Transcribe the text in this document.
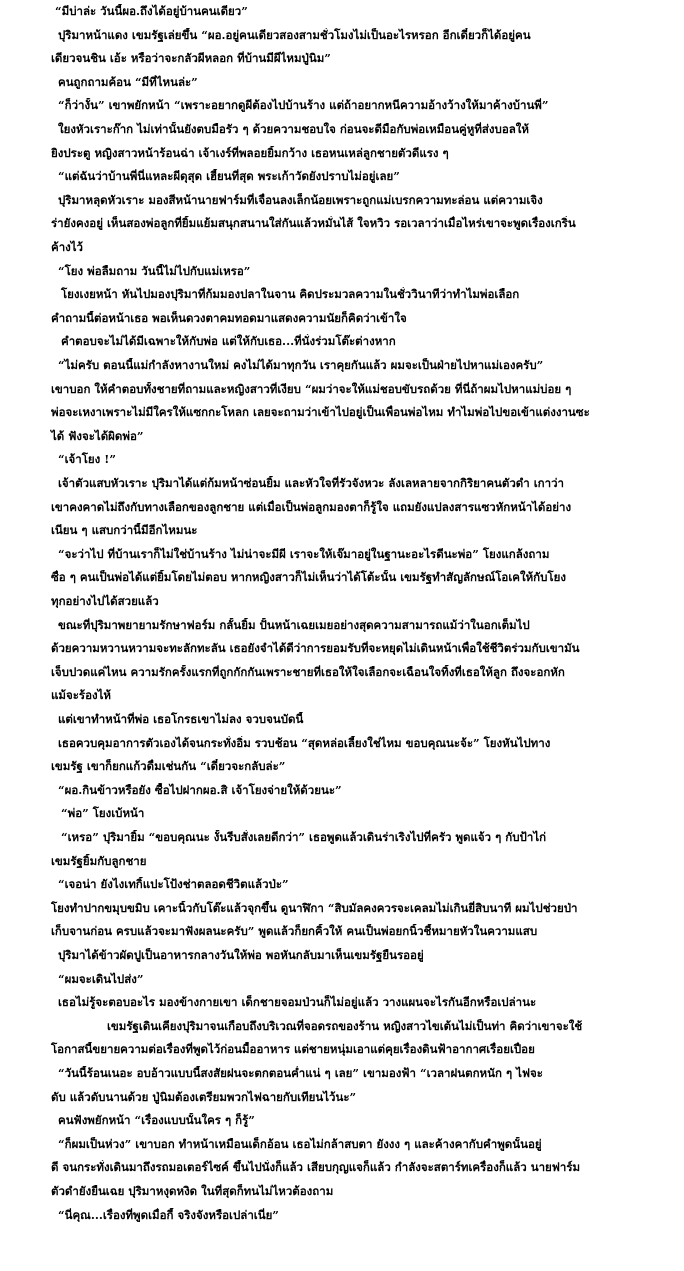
“มีบ่าล่ะ วันนี้ผอ.ถึงได้อยู่บ้านคนเดียว”
ปุริมาหน้าแดง เขมรัฐเล่ยขึ้น “ผอ.อยู่คนเดียวสองสามชั่วโมงไม่เป็นอะไรหรอก อีกเดี๋ยวก็ได้อยู่คน
เดียวจนชิน เอ้ะ หรือว่าจะกลัวผีหลอก ที่บ้านมีผีไหมปู่นิม”
คนถูกถามค้อน “มีที่ไหนล่ะ”
“ก็ว่างั้น” เขาพยักหน้า “เพราะอยากดูผีต้องไปบ้านร้าง แต่ถ้าอยากหนีความอ้างว้างให้มาค้างบ้านพี่”
ใยงหัวเราะก๊าก ไม่เท่านั้นยังตบมือรัว ๆ ด้วยความชอบใจ ก่อนจะดีมือกับพ่อเหมือนคู่หูที่ส่งบอลให้
ยิงประตู หญิงสาวหน้าร้อนฉ่า เจ้าเงร์ที่พลอยยิ้มกว้าง เธอหนเหล่ลูกชายตัวดีแรง ๆ
“แต่ฉันว่าบ้านพี่นี่แหละผีดุสุด เฮี้ยนที่สุด พระเก้าวัดยังปราบไม่อยู่เลย”
ปุริมาหลุดหัวเราะ มองสีหน้านายฟาร์มที่เจื่อนลงเล็กน้อยเพราะถูกแม่เบรกความทะล่อน แต่ความเจิง
ร่ายังคงอยู่ เห็นสองพ่อลูกที่ยิ้มแย้มสนุกสนานใส่กันแล้วหมั่นไส้ ใจหวิว รอเวลาว่าเมื่อไหร่เขาจะพูดเรื่องเกริ่น
ค้างไว้
“โยง พ่อลืมถาม วันนี้ไม่ไปกับแม่เหรอ”
โยงเงยหน้า หันไปมองปุริมาที่ก้มมองปลาในจาน คิดประมวลความในชั่ววินาทีว่าทำไมพ่อเลือก
คำถามนี้ต่อหน้าเธอ พอเห็นดวงตาคมทอดมาแสดงความนัยก็คิดว่าเข้าใจ
คำตอบจะไม่ได้มีเฉพาะให้กับพ่อ แต่ให้กับเธอ...ที่นั่งร่วมโต๊ะต่างหาก
“ไม่ครับ ตอนนี้แม่กำลังหางานใหม่ คงไม่ได้มาทุกวัน เราคุยกันแล้ว ผมจะเป็นฝ่ายไปหาแม่เองครับ”
เขาบอก ให้คำตอบทั้งชายที่ถามและหญิงสาวที่เงียบ “ผมว่าจะให้แม่ชอบขับรถด้วย ที่นี่ถ้าผมไปหาแม่บ่อย ๆ
พ่อจะเหงาเพราะไม่มีใครให้แซกกะโหลก เลยจะถามว่าเข้าไปอยู่เป็นเพื่อนพ่อไหม ทำไมพ่อไปขอเข้าแต่งงานซะ
ได้ ฟังจะได้ผิดพ่อ”
“เจ้าโยง !”
เจ้าตัวแสบหัวเราะ ปุริมาได้แต่ก้มหน้าซ่อนยิ้ม และหัวใจที่รัวจังหวะ ลังเลหลายจากกิริยาคนตัวดำ เกาว่า
เขาคงคาดไม่ถึงกับทางเลือกของลูกชาย แต่เมื่อเป็นพ่อลูกมองตาก็รู้ใจ แถมยังแปลงสารแซวหักหน้าได้อย่าง
เนียน ๆ แสบกว่านี้มีอีกไหมนะ
“จะว่าไป ที่บ้านเราก็ไม่ใช่บ้านร้าง ไม่น่าจะมีผี เราจะให้เจ๊มาอยู่ในฐานะอะไรดีนะพ่อ” โยงแกล้งถาม
ซื่อ ๆ คนเป็นพ่อได้แต่ยิ้มโดยไม่ตอบ หากหญิงสาวก็ไม่เห็นว่าได้โต้ะนั้น เขมรัฐทำสัญลักษณ์โอเคให้กับโยง
ทุกอย่างไปได้สวยแล้ว
ขณะที่ปุริมาพยายามรักษาฟอร์ม กลั้นยิ้ม ปั้นหน้าเฉยเมยอย่างสุดความสามารถแม้ว่าในอกเต็มไป
ด้วยความหวานหวามจะทะลักทะลัน เธอยังจำได้ดีว่าการยอมรับที่จะหยุดไม่เดินหน้าเพื่อใช้ชีวิตร่วมกับเขามัน
เจ็บปวดแค่ไหน ความรักครั้งแรกที่ถูกกักกันเพราะชายที่เธอให้ใจเลือกจะเฉือนใจทิ้งที่เธอให้ลูก ถึงจะอกหัก
แม้จะร้องไห้
แต่เขาทำหน้าที่พ่อ เธอโกรธเขาไม่ลง จวบจนบัดนี้
เธอควบคุมอาการตัวเองได้จนกระทั่งอิ่ม รวบช้อน “สุดหล่อเลี้ยงใช่ไหม ขอบคุณนะจ้ะ” โยงหันไปทาง
เขมรัฐ เขาก็ยกแก้วดื่มเช่นกัน “เดี๋ยวจะกลับล่ะ”
“ผอ.กินข้าวหรือยัง ซื้อไปฝากผอ.สิ เจ้าโยงจ่ายให้ด้วยนะ”
“พ่อ” โยงเบ้หน้า
“เหรอ” ปุริมายิ้ม “ขอบคุณนะ งั้นรีบสั่งเลยดีกว่า” เธอพูดแล้วเดินร่าเริงไปที่ครัว พูดแจ้ว ๆ กับป้าไก่
เขมรัฐยิ้มกับลูกชาย
“เจอน่า ยังไงเทกิ้แปะโป้งช่าตลอดชีวิตแล้วป่ะ”
โยงทำปากขมุบขมิบ เคาะนิ้วกับโต๊ะแล้วจุกขึ้น ดูนาฬิกา “สิบมัลคงควรจะเคลมไม่เกินยี่สิบนาที ผมไปช่วยป่า
เก็บจานก่อน ครบแล้วจะมาฟังผลนะครับ” พูดแล้วก็ยกคิ้วให้ คนเป็นพ่อยกนิ้วชี้หมายหัวในความแสบ
ปุริมาได้ข้าวผัดปูเป็นอาหารกลางวันให้พ่อ พอหันกลับมาเห็นเขมรัฐยืนรออยู่
“ผมจะเดินไปส่ง”
เธอไม่รู้จะตอบอะไร มองข้างกายเขา เด็กชายจอมป่วนก็ไม่อยู่แล้ว วางแผนจะไรกันอีกหรือเปล่านะ
เขมรัฐเดินเคียงปุริมาจนเกือบถึงบริเวณที่จอดรถของร้าน หญิงสาวไขเต้นไม่เป็นท่า คิดว่าเขาจะใช้
โอกาสนี้ขยายความต่อเรื่องที่พูดไว้ก่อนมื้ออาหาร แต่ชายหนุ่มเอาแต่คุยเรื่องดินฟ้าอากาศเรื่อยเปื่อย
“วันนี้ร้อนเนอะ อบอ้าวแบบนี้สงสัยฝนจะตกตอนค่ำแน่ ๆ เลย” เขามองฟ้า “เวลาฝนตกหนัก ๆ ไฟจะ
ดับ แล้วดับนานด้วย ปู่นิมต้องเตรียมพวกไฟฉายกับเทียนไว้นะ”
คนฟังพยักหน้า “เรื่องแบบนั้นใคร ๆ ก็รู้”
“ก็ผมเป็นห่วง” เขาบอก ทำหน้าเหมือนเด็กอ้อน เธอไม่กล้าสบตา ยังงง ๆ และค้างคากับคำพูดนั้นอยู่
ดี จนกระทั่งเดินมาถึงรถมอเตอร์ไซค์ ขึ้นไปนั่งก็แล้ว เสียบกุญแจก็แล้ว กำลังจะสตาร์ทเครื่องก็แล้ว นายฟาร์ม
ตัวดำยังยืนเฉย ปุริมาหงุดหงิด ในที่สุดก็ทนไม่ไหวต้องถาม
“นี่คุณ...เรื่องที่พูดเมื่อกี้ จริงจังหรือเปล่าเนี่ย”
